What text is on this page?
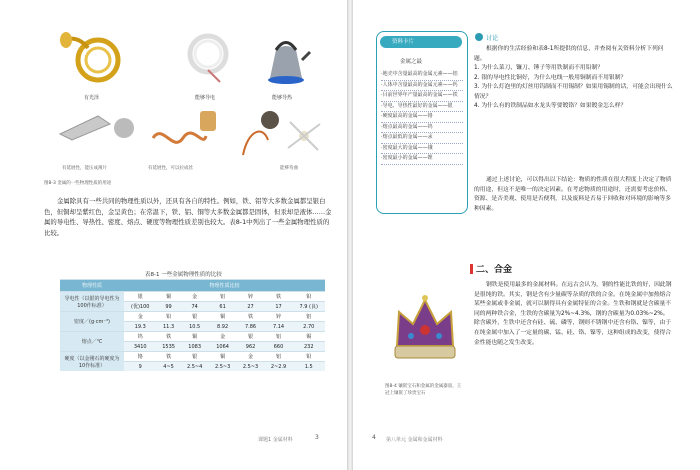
有光泽	能够导电	能够导热
有延展性，能压成薄片	有延展性，可以拉成丝	能够弯曲
图8-3 金属的一些物理性质的用途
金属除具有一些共同的物理性质以外，还具有各自的特性。例如，铁、铝等大多数金属都呈银白色，但铜却呈紫红色，金呈黄色；在常温下，铁、铝、铜等大多数金属都是固体，但汞却是液体……金属的导电性、导热性、密度、熔点、硬度等物理性质差别也较大。表8-1中列出了一些金属物理性质的比较。
表8-1 一些金属物理性质的比较
物理性质	物理性质比较						
导电性（以银的导电性为100作标准）	银	铜	金	铝	锌	铁	铅
	(优)100	99	74	61	27	17	7.9 (良)
密度／(g·cm⁻³)	金	铅	银	铜	铁	锌	铝
	19.3	11.3	10.5	8.92	7.86	7.14	2.70
熔点／℃	钨	铁	铜	金	银	铝	锡
	3410	1535	1083	1064	962	660	232
硬度（以金刚石的硬度为10作标准）	铬	铁	银	铜	金	铝	铅
	9	4~5	2.5~4	2.5~3	2.5~3	2~2.9	1.5
课题1 金属材料	3
资料卡片
金属之最
·地壳中含量最高的金属元素——铝
·人体中含量最高的金属元素——钙
·目前世界年产量最高的金属——铁
·导电、导热性最好的金属——银
·硬度最高的金属——铬
·熔点最高的金属——钨
·熔点最低的金属——汞
·密度最大的金属——锇
·密度最小的金属——锂
讨论
根据你的生活经验和表8-1所提供的信息，并查阅有关资料分析下列问题。
1. 为什么菜刀、镰刀、锤子等用铁制而不用铅制？
2. 银的导电性比铜好，为什么电线一般用铜制而不用银制？
3. 为什么灯泡里的灯丝用钨制而不用锡制？如果用锡制的话，可能会出现什么情况？
4. 为什么有的铁制品如水龙头等要镀铬？如果镀金怎么样？
通过上述讨论，可以得出以下结论：物质的性质在很大程度上决定了物质的用途，但这不是唯一的决定因素。在考虑物质的用途时，还需要考虑价格、资源、是否美观、使用是否便利，以及废料是否易于回收和对环境的影响等多种因素。
二、合金
图8-4 镶嵌宝石和金属的金属器皿，王冠上镶嵌了珍贵宝石
钢铁是使用最多的金属材料。在远古会认为，钢的性能比铁的好，因此钢是很纯的铁。其实，钢是含有少量碳等杂质的铁的合金。在纯金属中加热熔合某些金属或非金属，就可以制得具有金属特征的合金。生铁和钢就是含碳量不同的两种铁合金，生铁的含碳量为2%~4.3%，钢的含碳量为0.03%~2%。除含碳外，生铁中还含有硅、硫、磷等，钢则不锈钢中还含有铬、镍等，由于在纯金属中加入了一定量的碳、锰、硅、铬、镍等，这种组成的改变，使得合金性能也随之发生改变。
4 第八单元 金属和金属材料
